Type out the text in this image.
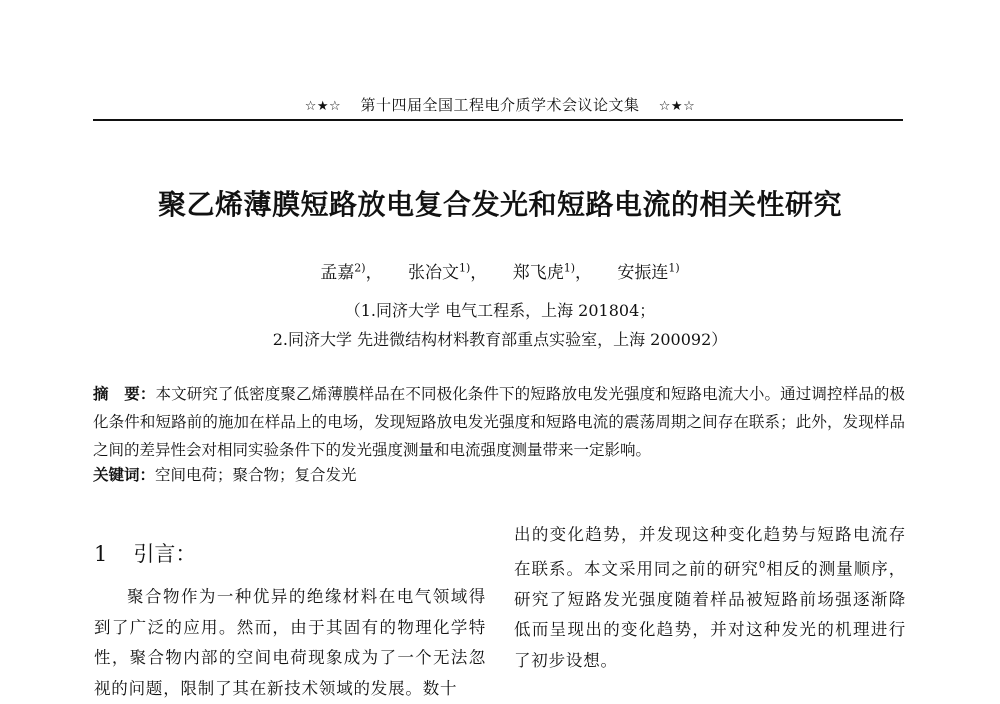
☆★☆ 第十四届全国工程电介质学术会议论文集 ☆★☆
聚乙烯薄膜短路放电复合发光和短路电流的相关性研究
孟嘉$^{2)}$， 张冶文$^{1)}$， 郑飞虎$^{1)}$， 安振连$^{1)}$
（1.同济大学 电气工程系，上海 201804；
2.同济大学 先进微结构材料教育部重点实验室，上海 200092）
摘　要：本文研究了低密度聚乙烯薄膜样品在不同极化条件下的短路放电发光强度和短路电流大小。通过调控样品的极化条件和短路前的施加在样品上的电场，发现短路放电发光强度和短路电流的震荡周期之间存在联系；此外，发现样品之间的差异性会对相同实验条件下的发光强度测量和电流强度测量带来一定影响。
关键词：空间电荷；聚合物；复合发光
1 引言：
聚合物作为一种优异的绝缘材料在电气领域得到了广泛的应用。然而，由于其固有的物理化学特性，聚合物内部的空间电荷现象成为了一个无法忽视的问题，限制了其在新技术领域的发展。数十
出的变化趋势，并发现这种变化趋势与短路电流存在联系。本文采用同之前的研究$^0$相反的测量顺序，研究了短路发光强度随着样品被短路前场强逐渐降低而呈现出的变化趋势，并对这种发光的机理进行了初步设想。
